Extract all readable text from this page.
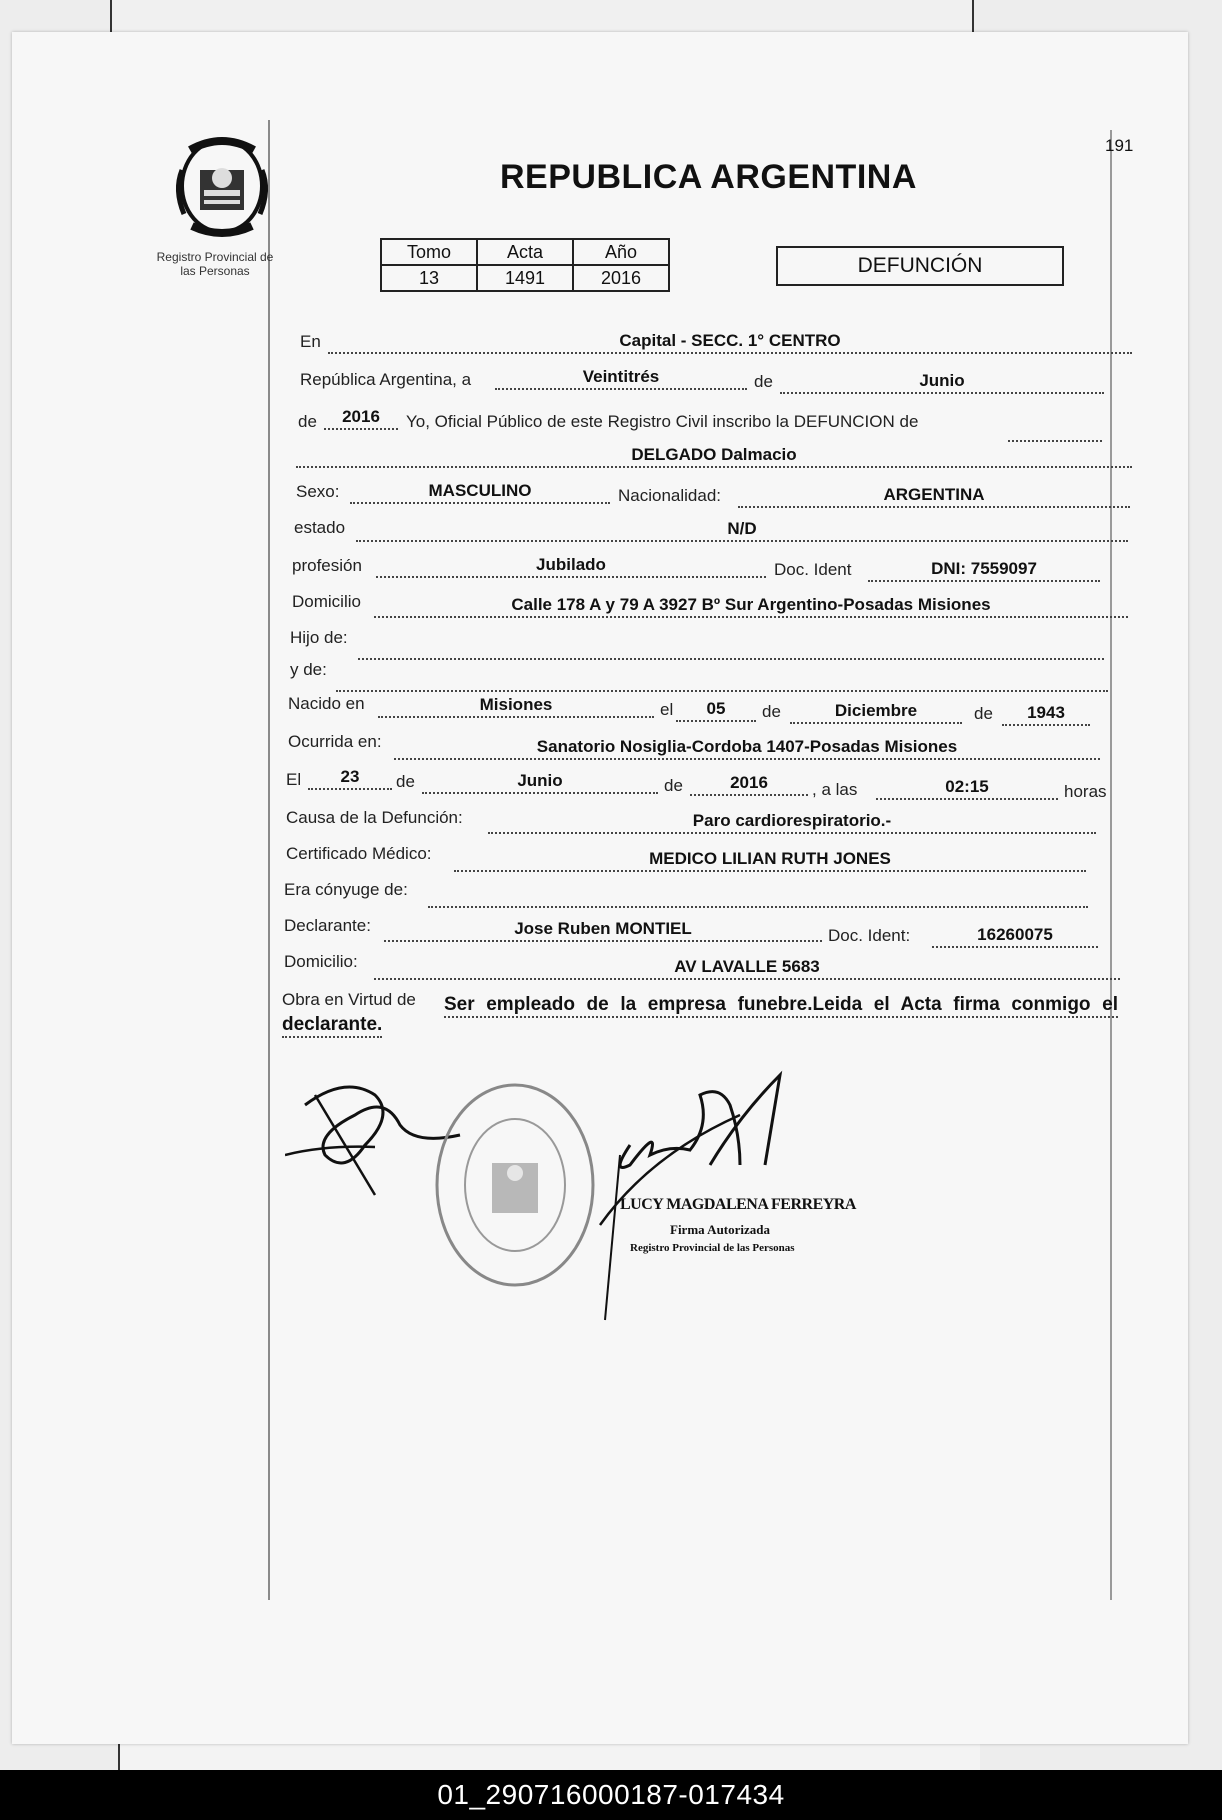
191
REPUBLICA ARGENTINA
Registro Provincial de
las Personas
Tomo	Acta	Año
13	1491	2016
DEFUNCIÓN
En	Capital - SECC. 1° CENTRO
República Argentina, a	Veintitrés	de	Junio
de	2016	Yo, Oficial Público de este Registro Civil inscribo la DEFUNCION de
DELGADO Dalmacio
Sexo:	MASCULINO	Nacionalidad:	ARGENTINA
estado	N/D
profesión	Jubilado	Doc. Ident	DNI: 7559097
Domicilio	Calle 178 A y 79 A 3927 Bº Sur Argentino-Posadas Misiones
Hijo de:
y de:
Nacido en	Misiones	el	05	de	Diciembre	de	1943
Ocurrida en:	Sanatorio Nosiglia-Cordoba 1407-Posadas Misiones
El	23	de	Junio	de	2016	, a las	02:15	horas
Causa de la Defunción:	Paro cardiorespiratorio.-
Certificado Médico:	MEDICO LILIAN RUTH JONES
Era cónyuge de:
Declarante:	Jose Ruben MONTIEL	Doc. Ident:	16260075
Domicilio:	AV LAVALLE 5683
Obra en Virtud de Ser empleado de la empresa funebre.Leida el Acta firma conmigo el
declarante.
LUCY MAGDALENA FERREYRA
Firma Autorizada
Registro Provincial de las Personas
01_290716000187-017434
